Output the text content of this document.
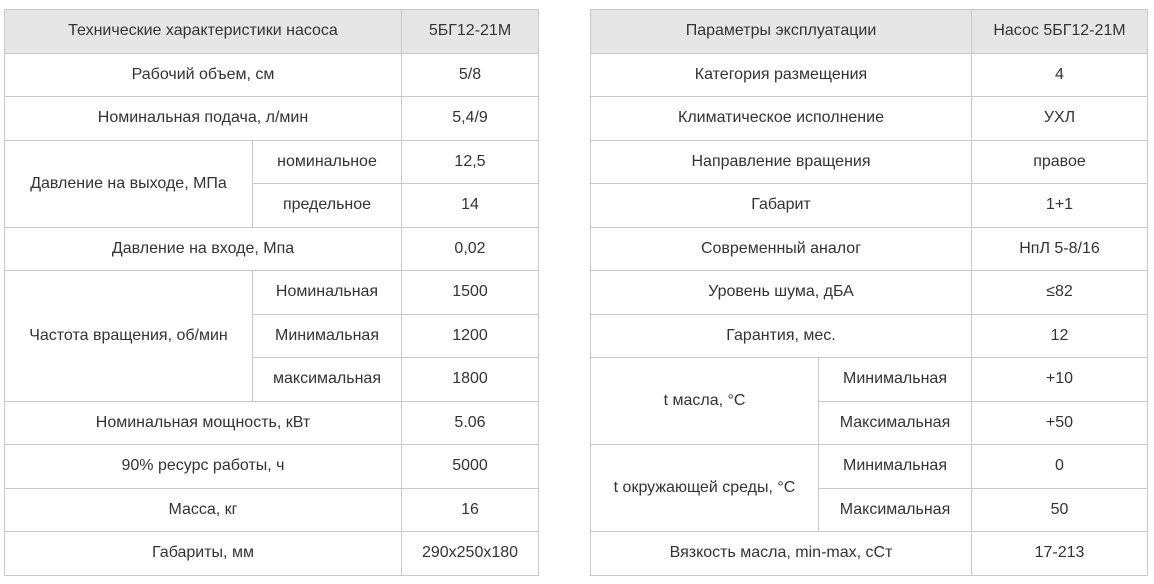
Технические характеристики насоса		5БГ12-21М
Рабочий объем, см		5/8
Номинальная подача, л/мин		5,4/9
Давление на выходе, МПа	номинальное	12,5
	предельное	14
Давление на входе, Мпа		0,02
Частота вращения, об/мин	Номинальная	1500
	Минимальная	1200
	максимальная	1800
Номинальная мощность, кВт		5.06
90% ресурс работы, ч		5000
Масса, кг		16
Габариты, мм		290х250х180
Параметры эксплуатации		Насос 5БГ12-21М
Категория размещения		4
Климатическое исполнение		УХЛ
Направление вращения		правое
Габарит		1+1
Современный аналог		НпЛ 5-8/16
Уровень шума, дБА		≤82
Гарантия, мес.		12
t масла, °С	Минимальная	+10
	Максимальная	+50
t окружающей среды, °С	Минимальная	0
	Максимальная	50
Вязкость масла, min-max, сСт		17-213
